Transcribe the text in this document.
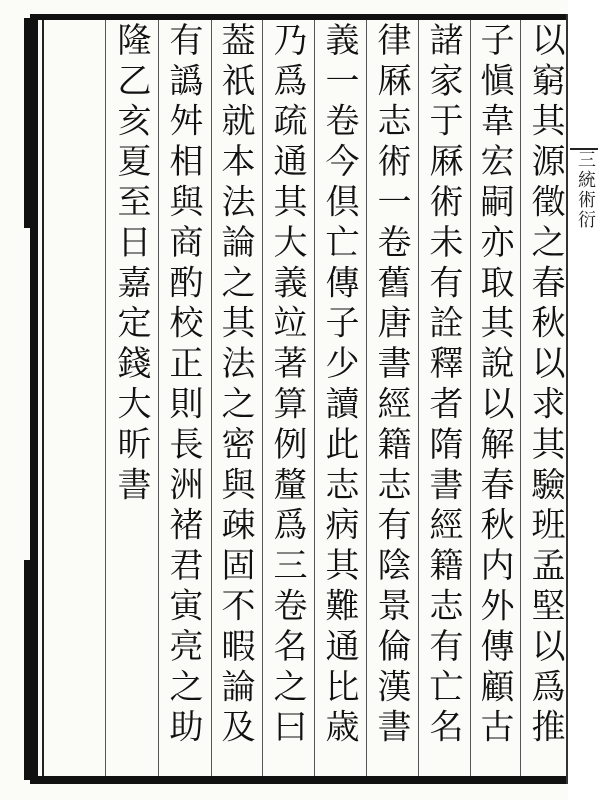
三統術衍
以窮其源徵之春秋以求其驗班孟堅以爲推
子愼韋宏嗣亦取其說以解春秋内外傳顧古
諸家于厤術未有詮釋者隋書經籍志有亡名
律厤志術一卷舊唐書經籍志有陰景倫漢書
義一卷今倶亡傳子少讀此志病其難通比歳
乃爲疏通其大義竝著算例釐爲三卷名之曰
葢祇就本法論之其法之密與疎固不暇論及
有譌舛相與商酌校正則長洲褚君寅亮之助
隆乙亥夏至日嘉定錢大昕書
